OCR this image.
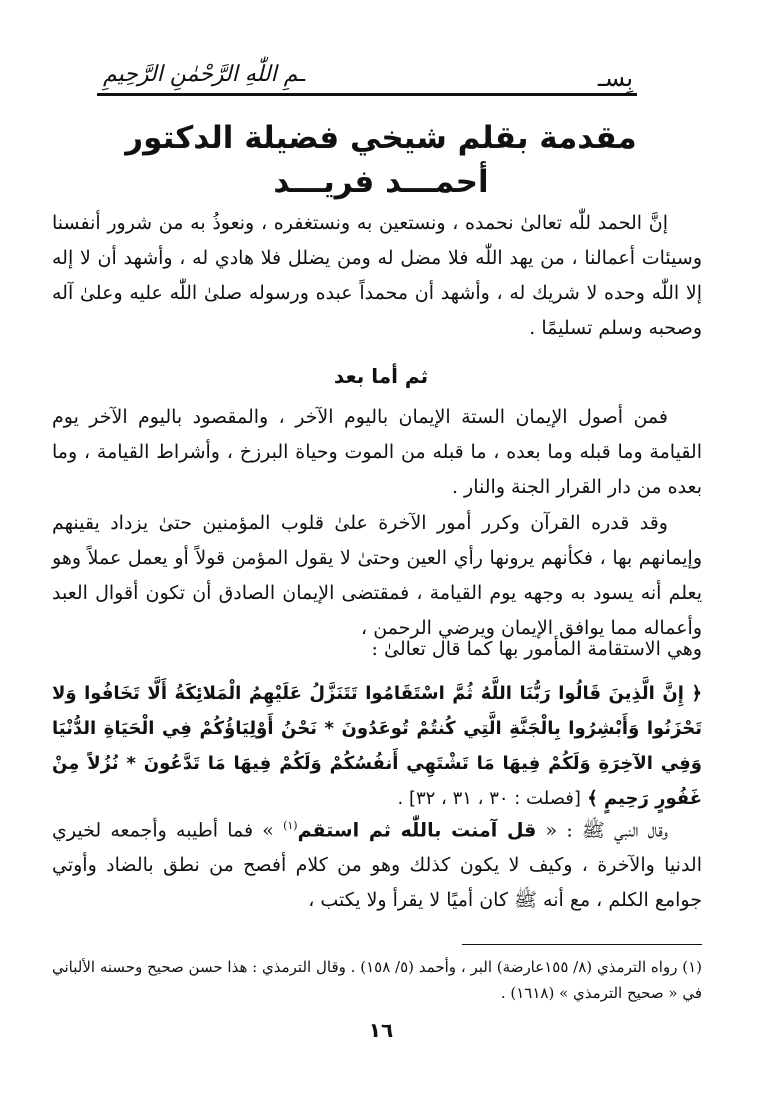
بِسـ
ـمِ اللّٰهِ الرَّحْمٰنِ الرَّحِيمِ
مقدمة بقلم شيخي فضيلة الدكتور
أحمـــد فريـــد
إنَّ الحمد للّٰه تعالىٰ نحمده ، ونستعين به ونستغفره ، ونعوذُ به من شرور أنفسنا وسيئات أعمالنا ، من يهد اللّٰه فلا مضل له ومن يضلل فلا هادي له ، وأشهد أن لا إله إلا اللّٰه وحده لا شريك له ، وأشهد أن محمداً عبده ورسوله صلىٰ اللّٰه عليه وعلىٰ آله وصحبه وسلم تسليمًا .
ثم أما بعد
فمن أصول الإيمان الستة الإيمان باليوم الآخر ، والمقصود باليوم الآخر يوم القيامة وما قبله وما بعده ، ما قبله من الموت وحياة البرزخ ، وأشراط القيامة ، وما بعده من دار القرار الجنة والنار .
وقد قدره القرآن وكرر أمور الآخرة علىٰ قلوب المؤمنين حتىٰ يزداد يقينهم وإيمانهم بها ، فكأنهم يرونها رأي العين وحتىٰ لا يقول المؤمن قولاً أو يعمل عملاً وهو يعلم أنه يسود به وجهه يوم القيامة ، فمقتضى الإيمان الصادق أن تكون أقوال العبد وأعماله مما يوافق الإيمان ويرضي الرحمن ،
وهي الاستقامة المأمور بها كما قال تعالىٰ :
﴿ إِنَّ الَّذِينَ قَالُوا رَبُّنَا اللَّهُ ثُمَّ اسْتَقَامُوا تَتَنَزَّلُ عَلَيْهِمُ الْمَلائِكَةُ أَلَّا تَخَافُوا وَلا تَحْزَنُوا وَأَبْشِرُوا بِالْجَنَّةِ الَّتِي كُنتُمْ تُوعَدُونَ * نَحْنُ أَوْلِيَاؤُكُمْ فِي الْحَيَاةِ الدُّنْيَا وَفِي الآخِرَةِ وَلَكُمْ فِيهَا مَا تَشْتَهِي أَنفُسُكُمْ وَلَكُمْ فِيهَا مَا تَدَّعُونَ * نُزُلاً مِنْ غَفُورٍ رَحِيمٍ ﴾ [فصلت : ٣٠ ، ٣١ ، ٣٢] .
وقال النبي ﷺ : « قل آمنت باللّٰه ثم استقم$^{(١)}$ » فما أطيبه وأجمعه لخيري الدنيا والآخرة ، وكيف لا يكون كذلك وهو من كلام أفصح من نطق بالضاد وأوتي جوامع الكلم ، مع أنه ﷺ كان أميًا لا يقرأ ولا يكتب ،
(١) رواه الترمذي (٨/ ١٥٥عارضة) البر ، وأحمد (٥/ ١٥٨) . وقال الترمذي : هذا حسن صحيح وحسنه الألباني في « صحيح الترمذي » (١٦١٨) .
١٦
